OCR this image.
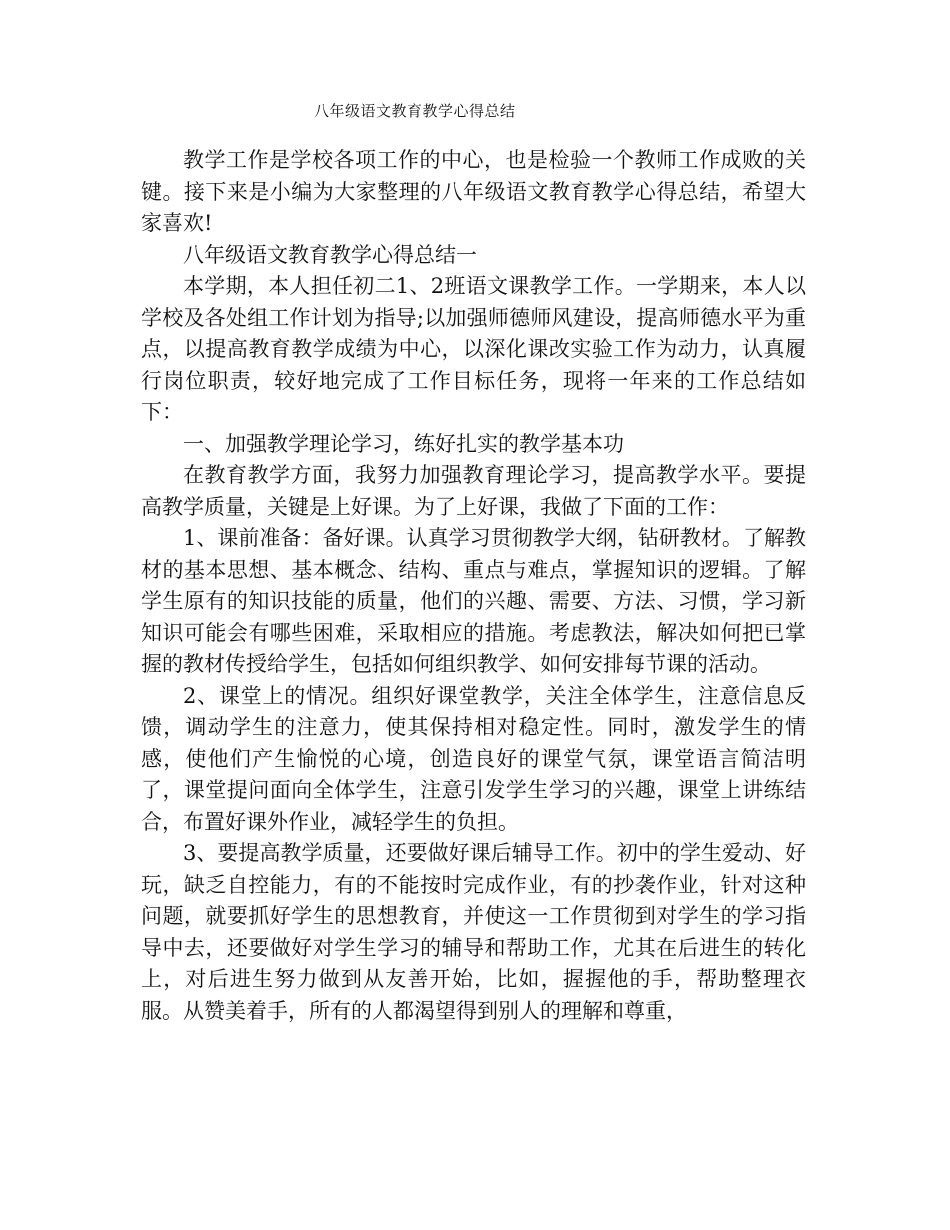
八年级语文教育教学心得总结

教学工作是学校各项工作的中心，也是检验一个教师工作成败的关键。接下来是小编为大家整理的八年级语文教育教学心得总结，希望大家喜欢!

八年级语文教育教学心得总结一

本学期，本人担任初二1、2班语文课教学工作。一学期来，本人以学校及各处组工作计划为指导;以加强师德师风建设，提高师德水平为重点，以提高教育教学成绩为中心，以深化课改实验工作为动力，认真履行岗位职责，较好地完成了工作目标任务，现将一年来的工作总结如下：

一、加强教学理论学习，练好扎实的教学基本功

在教育教学方面，我努力加强教育理论学习，提高教学水平。要提高教学质量，关键是上好课。为了上好课，我做了下面的工作：

1、课前准备：备好课。认真学习贯彻教学大纲，钻研教材。了解教材的基本思想、基本概念、结构、重点与难点，掌握知识的逻辑。了解学生原有的知识技能的质量，他们的兴趣、需要、方法、习惯，学习新知识可能会有哪些困难，采取相应的措施。考虑教法，解决如何把已掌握的教材传授给学生，包括如何组织教学、如何安排每节课的活动。

2、课堂上的情况。组织好课堂教学，关注全体学生，注意信息反馈，调动学生的注意力，使其保持相对稳定性。同时，激发学生的情感，使他们产生愉悦的心境，创造良好的课堂气氛，课堂语言简洁明了，课堂提问面向全体学生，注意引发学生学习的兴趣，课堂上讲练结合，布置好课外作业，减轻学生的负担。

3、要提高教学质量，还要做好课后辅导工作。初中的学生爱动、好玩，缺乏自控能力，有的不能按时完成作业，有的抄袭作业，针对这种问题，就要抓好学生的思想教育，并使这一工作贯彻到对学生的学习指导中去，还要做好对学生学习的辅导和帮助工作，尤其在后进生的转化上，对后进生努力做到从友善开始，比如，握握他的手，帮助整理衣服。从赞美着手，所有的人都渴望得到别人的理解和尊重，
